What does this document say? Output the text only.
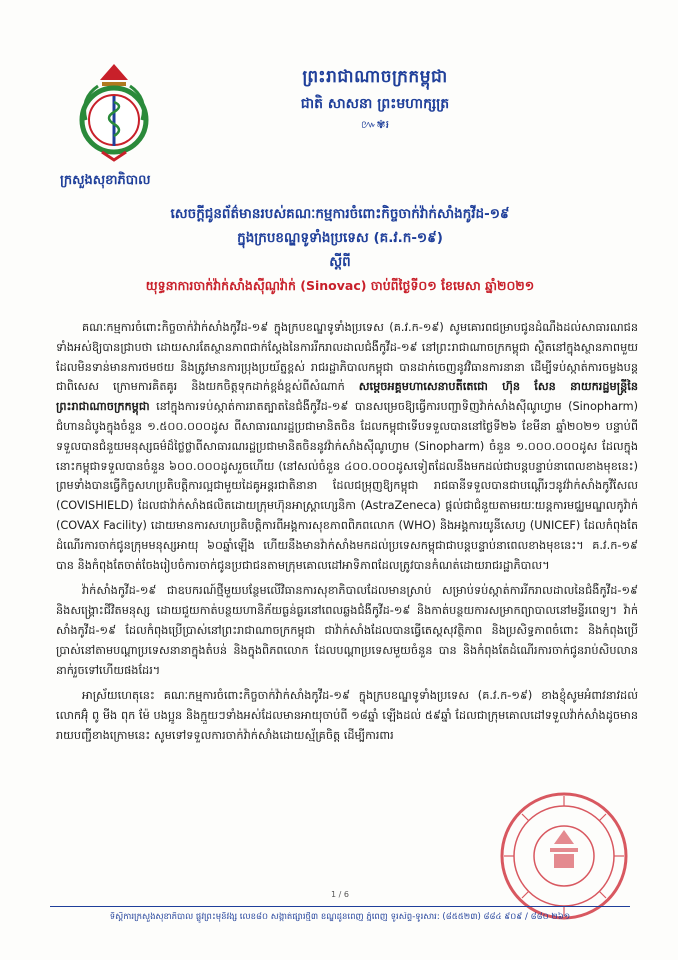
ក្រសួងសុខាភិបាល
ព្រះរាជាណាចក្រកម្ពុជា
ជាតិ សាសនា ព្រះមហាក្សត្រ
៚✾៛
សេចក្ដីជូនព័ត៌មានរបស់គណៈកម្មការចំពោះកិច្ចចាក់វ៉ាក់សាំងកូវីដ-១៩
ក្នុងក្របខណ្ឌទូទាំងប្រទេស (គ.វ.ក-១៩)
ស្ដីពី
យុទ្ធនាការចាក់វ៉ាក់សាំងស៊ីណូវ៉ាក់ (Sinovac) ចាប់ពីថ្ងៃទី០១ ខែមេសា ឆ្នាំ២០២១

គណៈកម្មការចំពោះកិច្ចចាក់វ៉ាក់សាំងកូវីដ-១៩ ក្នុងក្របខណ្ឌទូទាំងប្រទេស (គ.វ.ក-១៩) សូមគោរពជម្រាបជូនដំណឹងដល់សាធារណជនទាំងអស់ឱ្យបានជ្រាបថា ដោយសារតែស្ថានភាពជាក់ស្ដែងនៃការរីករាលដាលជំងឺកូវីដ-១៩ នៅព្រះរាជាណាចក្រកម្ពុជា ស្ថិតនៅក្នុងស្ថានភាពមួយដែលមិនទាន់មានការថមថយ និងត្រូវមានការប្រុងប្រយ័ត្នខ្ពស់ រាជរដ្ឋាភិបាលកម្ពុជា បានដាក់ចេញនូវវិធានការនានា ដើម្បីទប់ស្កាត់ការចម្លងបន្ដ ជាពិសេស ក្រោមការគិតគូរ និងយកចិត្តទុកដាក់ខ្ពង់ខ្ពស់ពីសំណាក់ សម្ដេចអគ្គមហាសេនាបតីតេជោ ហ៊ុន សែន នាយករដ្ឋមន្ដ្រីនៃព្រះរាជាណាចក្រកម្ពុជា នៅក្នុងការទប់ស្កាត់ការរាតត្បាតនៃជំងឺកូវីដ-១៩ បានសម្រេចឱ្យធ្វើការបញ្ជាទិញវ៉ាក់សាំងស៊ីណូហ្វាម (Sinopharm) ជំហានដំបូងក្នុងចំនួន ១.៥០០.០០០ដូស ពីសាធារណរដ្ឋប្រជាមានិតចិន ដែលកម្ពុជាទើបទទួលបាននៅថ្ងៃទី២៦ ខែមីនា ឆ្នាំ២០២១ បន្ទាប់ពីទទួលបានជំនួយមនុស្សធម៌ដ៏ថ្លៃថ្លាពីសាធារណរដ្ឋប្រជាមានិតចិននូវវ៉ាក់សាំងស៊ីណូហ្វាម (Sinopharm) ចំនួន ១.០០០.០០០ដូស ដែលក្នុងនោះកម្ពុជាទទួលបានចំនួន ៦០០.០០០ដូសរួចហើយ (នៅសល់ចំនួន ៤០០.០០០ដូសទៀតដែលនឹងមកដល់ជាបន្ដបន្ទាប់នាពេលខាងមុខនេះ) ព្រមទាំងបានធ្វើកិច្ចសហប្រតិបត្តិការល្អជាមួយដៃគូអន្ដរជាតិនានា ដែលជម្រុញឱ្យកម្ពុជា រាជធានីទទួលបានជាបណ្ដើរៗនូវវ៉ាក់សាំងកូវីសែល (COVISHIELD) ដែលជាវ៉ាក់សាំងផលិតដោយក្រុមហ៊ុនអាស្ដ្រាហ្សេនិកា (AstraZeneca) ផ្ដល់ជាជំនួយតាមរយៈយន្ដការមជ្ឈមណ្ឌលកូវ៉ាក់ (COVAX Facility) ដោយមានការសហប្រតិបត្តិការពីអង្គការសុខភាពពិភពលោក (WHO) និងអង្គការយូនីសេហ្វ (UNICEF) ដែលកំពុងតែដំណើរការចាក់ជូនក្រុមមនុស្សអាយុ ៦០ឆ្នាំឡើង ហើយនឹងមានវ៉ាក់សាំងមកដល់ប្រទេសកម្ពុជាជាបន្ដបន្ទាប់នាពេលខាងមុខនេះ។ គ.វ.ក-១៩ បាន និងកំពុងតែចាត់ចែងរៀបចំការចាក់ជូនប្រជាជនតាមក្រុមគោលដៅអាទិភាពដែលត្រូវបានកំណត់ដោយរាជរដ្ឋាភិបាល។

វ៉ាក់សាំងកូវីដ-១៩ ជាឧបករណ៍ថ្មីមួយបន្ថែមលើវិធានការសុខាភិបាលដែលមានស្រាប់ សម្រាប់ទប់ស្កាត់ការរីករាលដាលនៃជំងឺកូវីដ-១៩ និងសង្គ្រោះជីវិតមនុស្ស ដោយជួយកាត់បន្ថយហានិភ័យធ្ងន់ធ្ងរនៅពេលឆ្លងជំងឺកូវីដ-១៩ និងកាត់បន្ថយការសម្រាកព្យាបាលនៅមន្ទីរពេទ្យ។ វ៉ាក់សាំងកូវីដ-១៩ ដែលកំពុងប្រើប្រាស់នៅព្រះរាជាណាចក្រកម្ពុជា ជាវ៉ាក់សាំងដែលបានធ្វើតេស្ដសុវត្ថិភាព និងប្រសិទ្ធភាពចំពោះ និងកំពុងប្រើប្រាស់នៅតាមបណ្ដាប្រទេសនានាក្នុងតំបន់ និងក្នុងពិភពលោក ដែលបណ្ដាប្រទេសមួយចំនួន បាន និងកំពុងតែដំណើរការចាក់ជូនរាប់សិបលាននាក់រួចទៅហើយផងដែរ។

អាស្រ័យហេតុនេះ គណៈកម្មការចំពោះកិច្ចចាក់វ៉ាក់សាំងកូវីដ-១៩ ក្នុងក្របខណ្ឌទូទាំងប្រទេស (គ.វ.ក-១៩) ខាងខ្ញុំសូមអំពាវនាវដល់លោកអ៊ុំ ពូ មីង ពុក ម៉ែ បងប្អូន និងក្មួយៗទាំងអស់ដែលមានអាយុចាប់ពី ១៨ឆ្នាំ ឡើងដល់ ៥៩ឆ្នាំ ដែលជាក្រុមគោលដៅទទួលវ៉ាក់សាំងដូចមានរាយបញ្ជីខាងក្រោមនេះ សូមទៅទទួលការចាក់វ៉ាក់សាំងដោយស្ម័គ្រចិត្ត ដើម្បីការពារ

1 / 6
ទីស្ដីការក្រសួងសុខាភិបាល ផ្លូវព្រះមុនីវង្ស លេខ៨០ សង្កាត់ផ្សារថ្មី៣ ខណ្ឌដូនពេញ ភ្នំពេញ ទូរស័ព្ទ-ទូរសារ: (៨៥៥២៣) ៨៨៤ ៩០៩ / ៨៨០ ២៦១
